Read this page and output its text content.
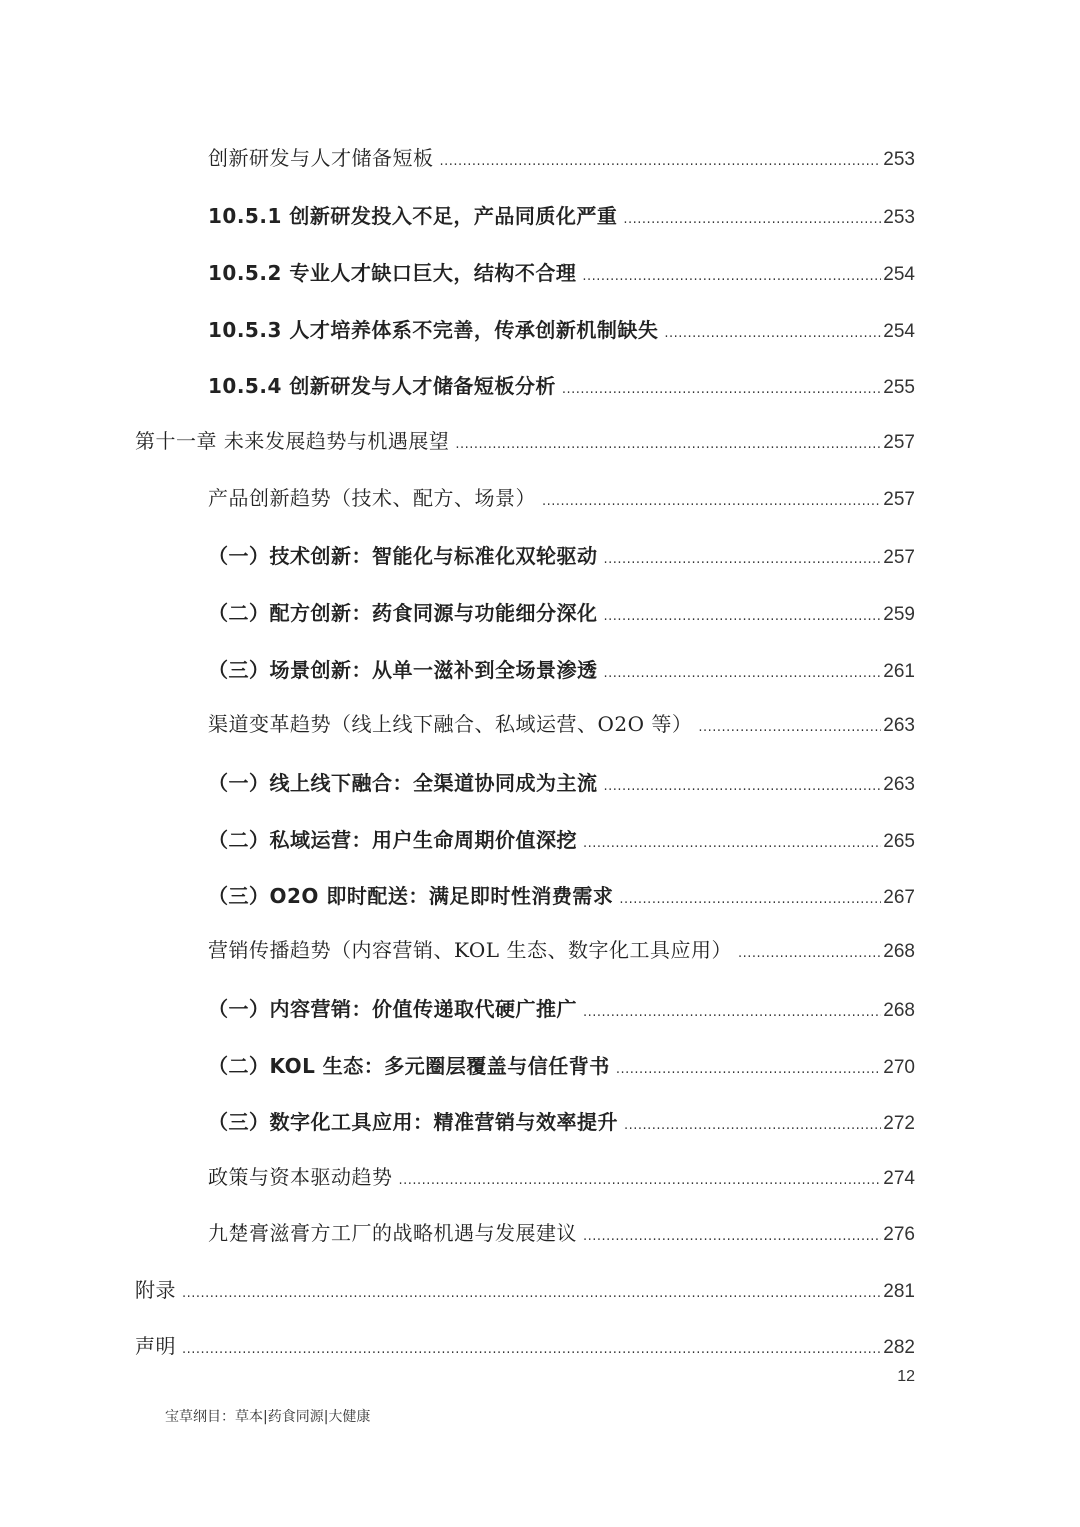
创新研发与人才储备短板 .....	253
10.5.1 创新研发投入不足，产品同质化严重 .....	253
10.5.2 专业人才缺口巨大，结构不合理 .....	254
10.5.3 人才培养体系不完善，传承创新机制缺失 .....	254
10.5.4 创新研发与人才储备短板分析 .....	255
第十一章 未来发展趋势与机遇展望 .....	257
产品创新趋势（技术、配方、场景） .....	257
（一）技术创新：智能化与标准化双轮驱动 .....	257
（二）配方创新：药食同源与功能细分深化 .....	259
（三）场景创新：从单一滋补到全场景渗透 .....	261
渠道变革趋势（线上线下融合、私域运营、O2O 等） .....	263
（一）线上线下融合：全渠道协同成为主流 .....	263
（二）私域运营：用户生命周期价值深挖 .....	265
（三）O2O 即时配送：满足即时性消费需求 .....	267
营销传播趋势（内容营销、KOL 生态、数字化工具应用） .....	268
（一）内容营销：价值传递取代硬广推广 .....	268
（二）KOL 生态：多元圈层覆盖与信任背书 .....	270
（三）数字化工具应用：精准营销与效率提升 .....	272
政策与资本驱动趋势 .....	274
九楚膏滋膏方工厂的战略机遇与发展建议 .....	276
附录 .....	281
声明 .....	282
12
宝草纲目：草本|药食同源|大健康
